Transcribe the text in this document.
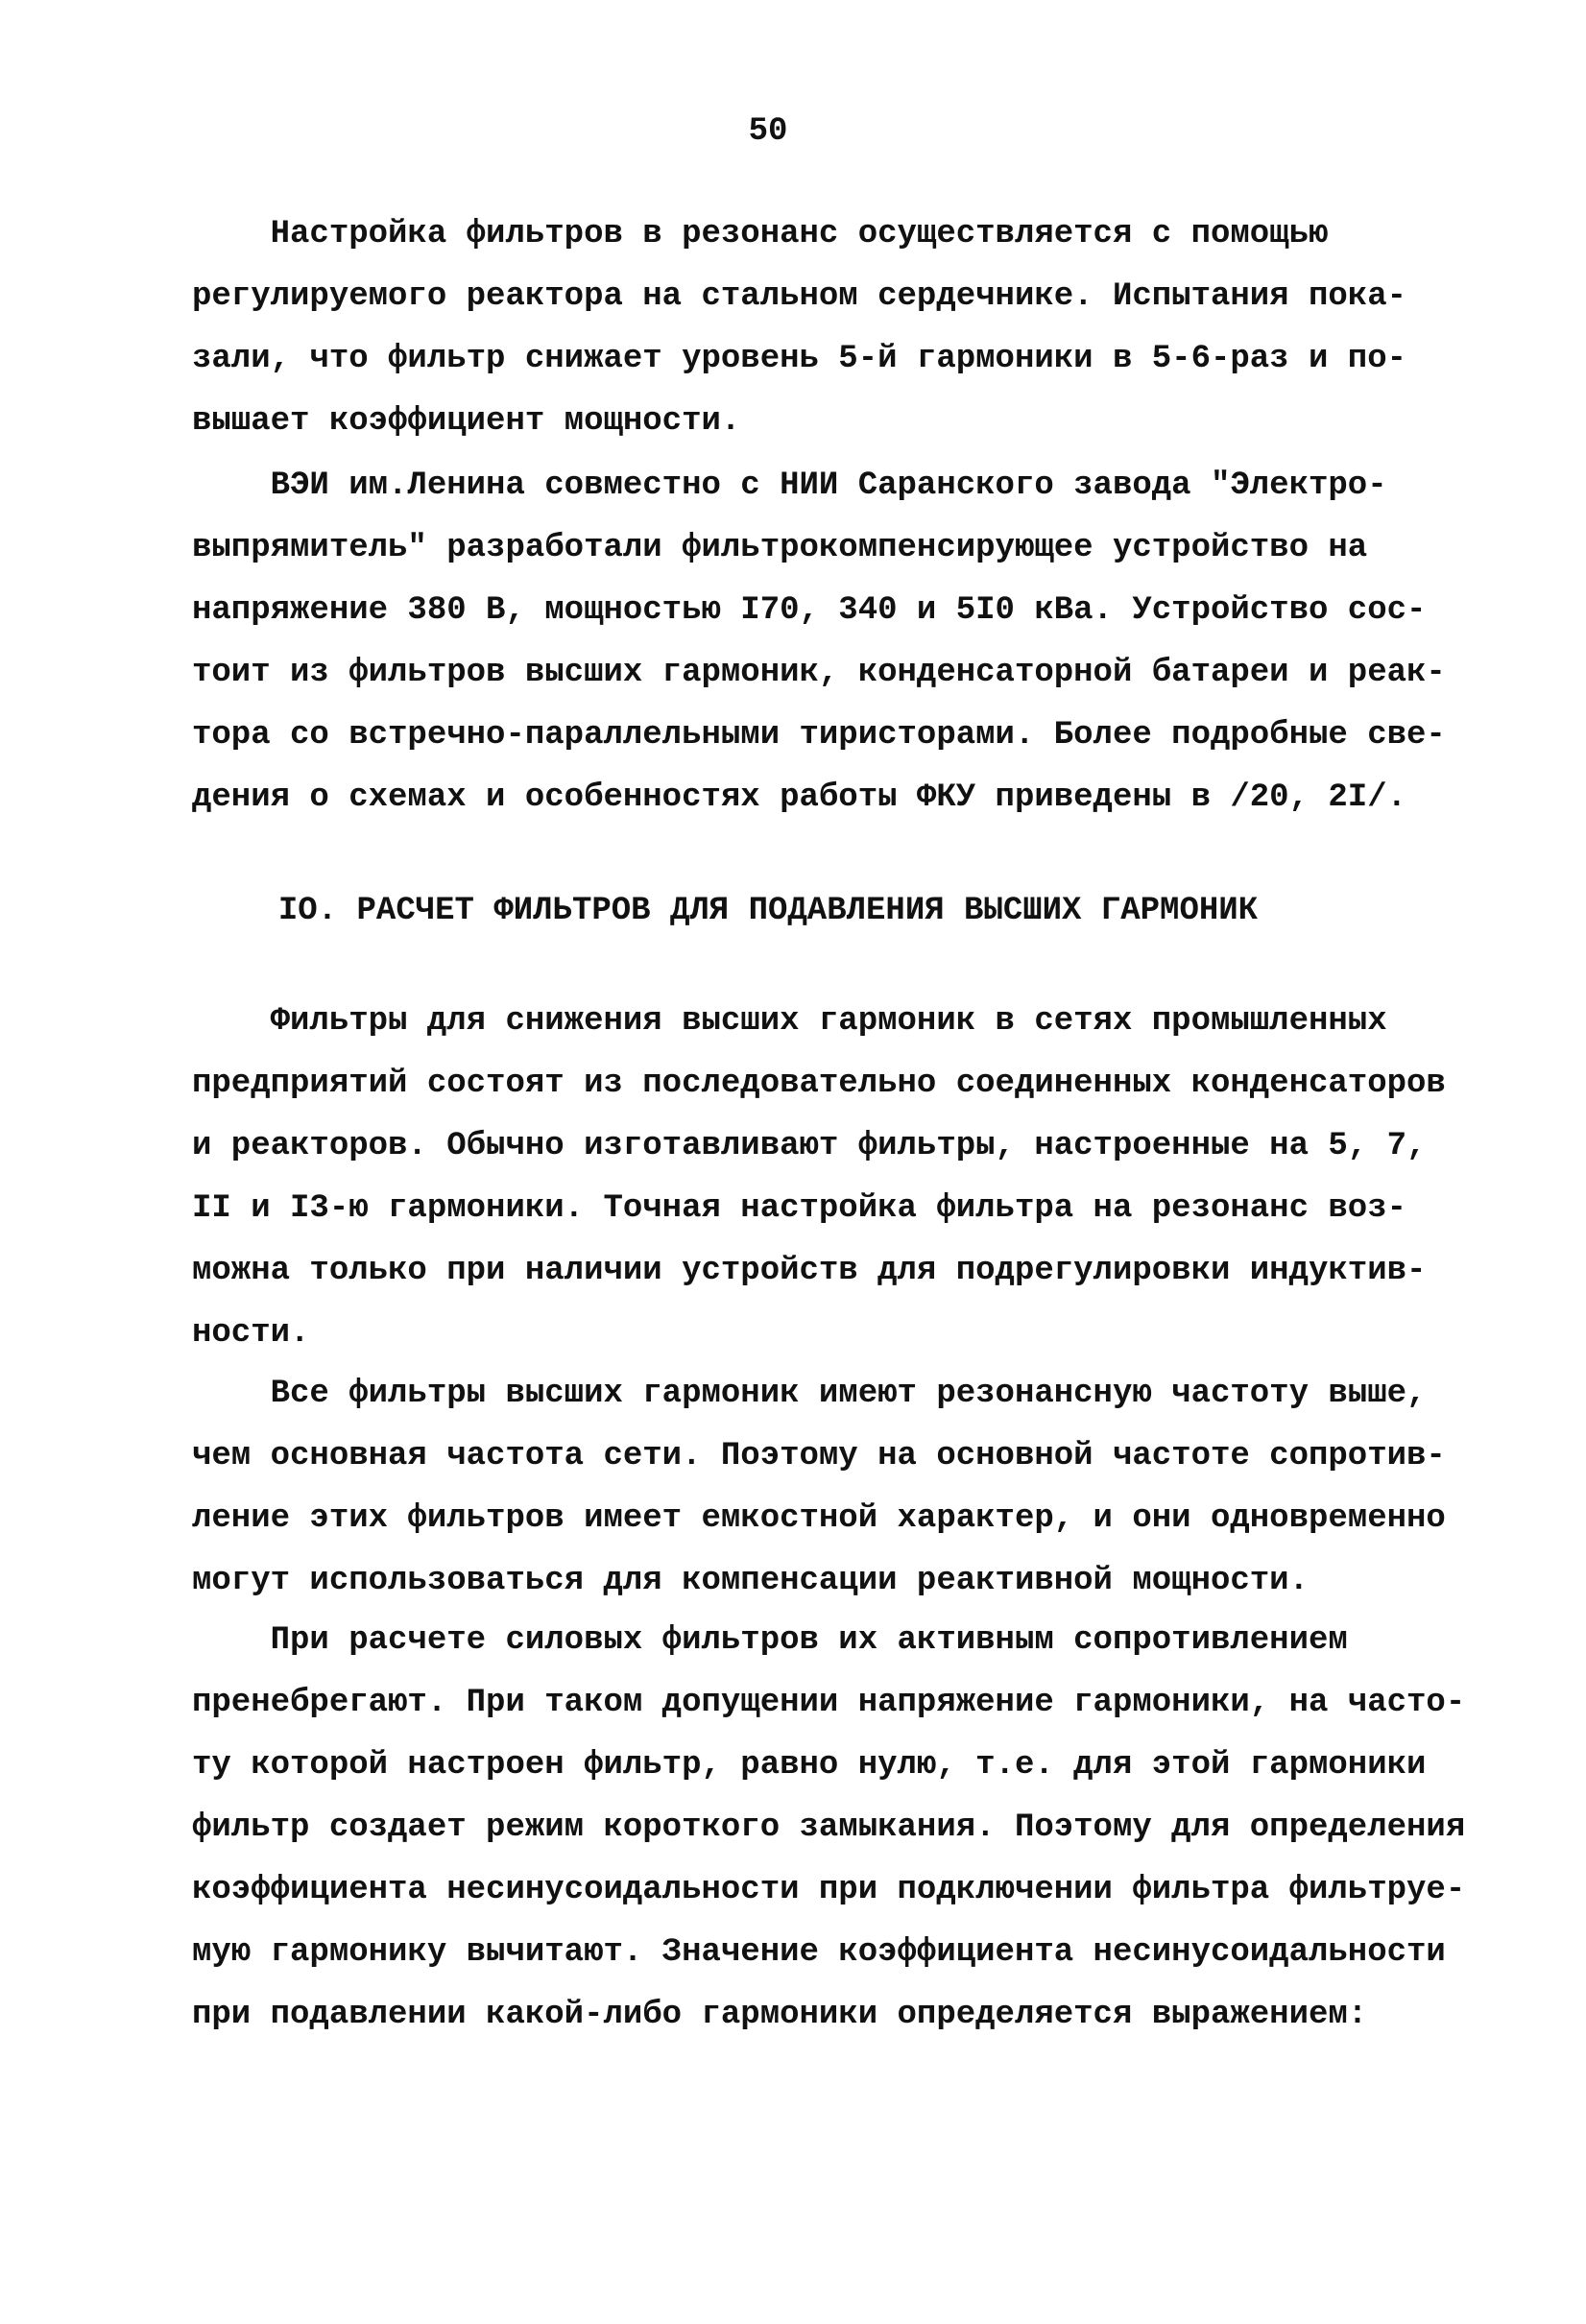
50
Настройка фильтров в резонанс осуществляется с помощью
регулируемого реактора на стальном сердечнике. Испытания пока-
зали, что фильтр снижает уровень 5-й гармоники в 5-6-раз и по-
вышает коэффициент мощности.
ВЭИ им.Ленина совместно с НИИ Саранского завода "Электро-
выпрямитель" разработали фильтрокомпенсирующее устройство на
напряжение 380 В, мощностью I70, 340 и 5I0 кВа. Устройство сос-
тоит из фильтров высших гармоник, конденсаторной батареи и реак-
тора со встречно-параллельными тиристорами. Более подробные све-
дения о схемах и особенностях работы ФКУ приведены в /20, 2I/.
IO. РАСЧЕТ ФИЛЬТРОВ ДЛЯ ПОДАВЛЕНИЯ ВЫСШИХ ГАРМОНИК
Фильтры для снижения высших гармоник в сетях промышленных
предприятий состоят из последовательно соединенных конденсаторов
и реакторов. Обычно изготавливают фильтры, настроенные на 5, 7,
II и I3-ю гармоники. Точная настройка фильтра на резонанс воз-
можна только при наличии устройств для подрегулировки индуктив-
ности.
Все фильтры высших гармоник имеют резонансную частоту выше,
чем основная частота сети. Поэтому на основной частоте сопротив-
ление этих фильтров имеет емкостной характер, и они одновременно
могут использоваться для компенсации реактивной мощности.
При расчете силовых фильтров их активным сопротивлением
пренебрегают. При таком допущении напряжение гармоники, на часто-
ту которой настроен фильтр, равно нулю, т.е. для этой гармоники
фильтр создает режим короткого замыкания. Поэтому для определения
коэффициента несинусоидальности при подключении фильтра фильтруе-
мую гармонику вычитают. Значение коэффициента несинусоидальности
при подавлении какой-либо гармоники определяется выражением:
